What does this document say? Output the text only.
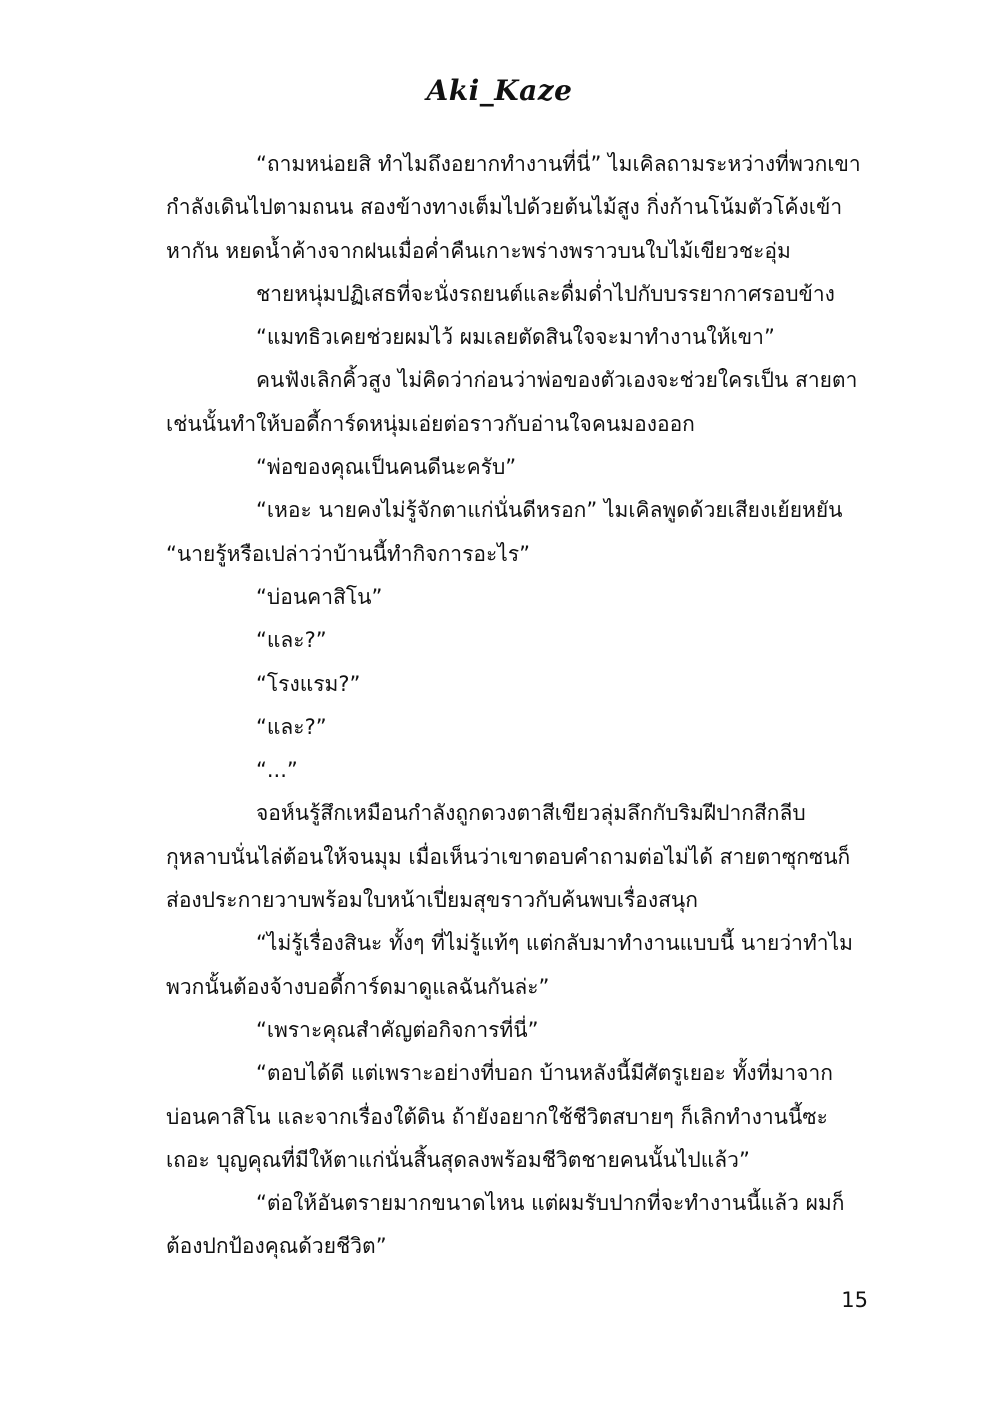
Aki_Kaze
“ถามหน่อยสิ ทำไมถึงอยากทำงานที่นี่” ไมเคิลถามระหว่างที่พวกเขา
กำลังเดินไปตามถนน สองข้างทางเต็มไปด้วยต้นไม้สูง กิ่งก้านโน้มตัวโค้งเข้า
หากัน หยดน้ำค้างจากฝนเมื่อค่ำคืนเกาะพร่างพราวบนใบไม้เขียวชะอุ่ม
ชายหนุ่มปฏิเสธที่จะนั่งรถยนต์และดื่มด่ำไปกับบรรยากาศรอบข้าง
“แมทธิวเคยช่วยผมไว้ ผมเลยตัดสินใจจะมาทำงานให้เขา”
คนฟังเลิกคิ้วสูง ไม่คิดว่าก่อนว่าพ่อของตัวเองจะช่วยใครเป็น สายตา
เช่นนั้นทำให้บอดี้การ์ดหนุ่มเอ่ยต่อราวกับอ่านใจคนมองออก
“พ่อของคุณเป็นคนดีนะครับ”
“เหอะ นายคงไม่รู้จักตาแก่นั่นดีหรอก” ไมเคิลพูดด้วยเสียงเย้ยหยัน
“นายรู้หรือเปล่าว่าบ้านนี้ทำกิจการอะไร”
“บ่อนคาสิโน”
“และ?”
“โรงแรม?”
“และ?”
“...”
จอห์นรู้สึกเหมือนกำลังถูกดวงตาสีเขียวลุ่มลึกกับริมฝีปากสีกลีบ
กุหลาบนั่นไล่ต้อนให้จนมุม เมื่อเห็นว่าเขาตอบคำถามต่อไม่ได้ สายตาซุกซนก็
ส่องประกายวาบพร้อมใบหน้าเปี่ยมสุขราวกับค้นพบเรื่องสนุก
“ไม่รู้เรื่องสินะ ทั้งๆ ที่ไม่รู้แท้ๆ แต่กลับมาทำงานแบบนี้ นายว่าทำไม
พวกนั้นต้องจ้างบอดี้การ์ดมาดูแลฉันกันล่ะ”
“เพราะคุณสำคัญต่อกิจการที่นี่”
“ตอบได้ดี แต่เพราะอย่างที่บอก บ้านหลังนี้มีศัตรูเยอะ ทั้งที่มาจาก
บ่อนคาสิโน และจากเรื่องใต้ดิน ถ้ายังอยากใช้ชีวิตสบายๆ ก็เลิกทำงานนี้ซะ
เถอะ บุญคุณที่มีให้ตาแก่นั่นสิ้นสุดลงพร้อมชีวิตชายคนนั้นไปแล้ว”
“ต่อให้อันตรายมากขนาดไหน แต่ผมรับปากที่จะทำงานนี้แล้ว ผมก็
ต้องปกป้องคุณด้วยชีวิต”
15
